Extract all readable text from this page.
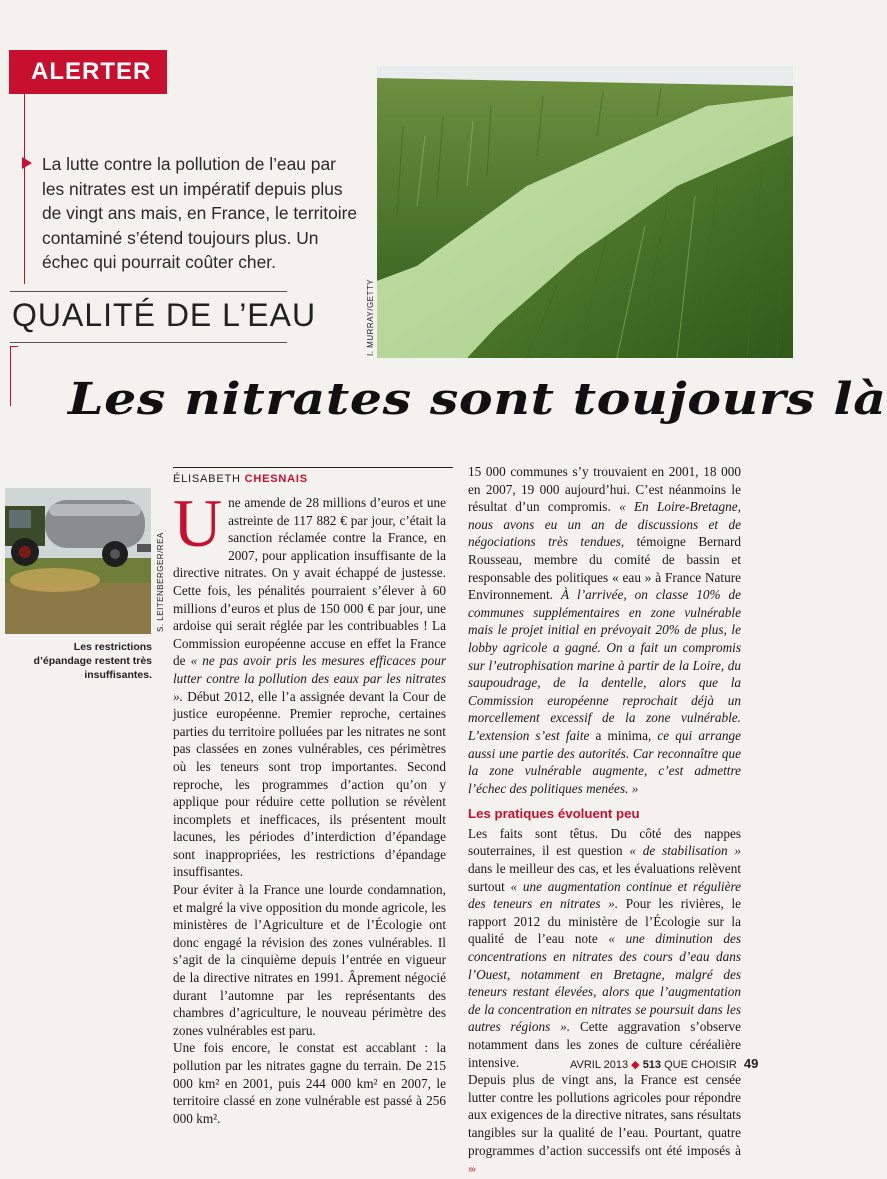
ALERTER
La lutte contre la pollution de l’eau par les nitrates est un impératif depuis plus de vingt ans mais, en France, le territoire contaminé s’étend toujours plus. Un échec qui pourrait coûter cher.
I. MURRAY/GETTY
QUALITÉ DE L’EAU
Les nitrates sont toujours là
ÉLISABETH CHESNAIS
S. LEITENBERGER/REA
Les restrictions d’épandage restent très insuffisantes.

Une amende de 28 millions d’euros et une astreinte de 117 882 € par jour, c’était la sanction réclamée contre la France, en 2007, pour application insuffisante de la directive nitrates. On y avait échappé de justesse. Cette fois, les pénalités pourraient s’élever à 60 millions d’euros et plus de 150 000 € par jour, une ardoise qui serait réglée par les contribuables ! La Commission européenne accuse en effet la France de « ne pas avoir pris les mesures efficaces pour lutter contre la pollution des eaux par les nitrates ». Début 2012, elle l’a assignée devant la Cour de justice européenne. Premier reproche, certaines parties du territoire polluées par les nitrates ne sont pas classées en zones vulnérables, ces périmètres où les teneurs sont trop importantes. Second reproche, les programmes d’action qu’on y applique pour réduire cette pollution se révèlent incomplets et inefficaces, ils présentent moult lacunes, les périodes d’interdiction d’épandage sont inappropriées, les restrictions d’épandage insuffisantes.

Pour éviter à la France une lourde condamnation, et malgré la vive opposition du monde agricole, les ministères de l’Agriculture et de l’Écologie ont donc engagé la révision des zones vulnérables. Il s’agit de la cinquième depuis l’entrée en vigueur de la directive nitrates en 1991. Âprement négocié durant l’automne par les représentants des chambres d’agriculture, le nouveau périmètre des zones vulnérables est paru.

Une fois encore, le constat est accablant : la pollution par les nitrates gagne du terrain. De 215 000 km² en 2001, puis 244 000 km² en 2007, le territoire classé en zone vulnérable est passé à 256 000 km².

15 000 communes s’y trouvaient en 2001, 18 000 en 2007, 19 000 aujourd’hui. C’est néanmoins le résultat d’un compromis. « En Loire-Bretagne, nous avons eu un an de discussions et de négociations très tendues, témoigne Bernard Rousseau, membre du comité de bassin et responsable des politiques « eau » à France Nature Environnement. À l’arrivée, on classe 10% de communes supplémentaires en zone vulnérable mais le projet initial en prévoyait 20% de plus, le lobby agricole a gagné. On a fait un compromis sur l’eutrophisation marine à partir de la Loire, du saupoudrage, de la dentelle, alors que la Commission européenne reprochait déjà un morcellement excessif de la zone vulnérable. L’extension s’est faite a minima, ce qui arrange aussi une partie des autorités. Car reconnaître que la zone vulnérable augmente, c’est admettre l’échec des politiques menées. »

Les pratiques évoluent peu

Les faits sont têtus. Du côté des nappes souterraines, il est question « de stabilisation » dans le meilleur des cas, et les évaluations relèvent surtout « une augmentation continue et régulière des teneurs en nitrates ». Pour les rivières, le rapport 2012 du ministère de l’Écologie sur la qualité de l’eau note « une diminution des concentrations en nitrates des cours d’eau dans l’Ouest, notamment en Bretagne, malgré des teneurs restant élevées, alors que l’augmentation de la concentration en nitrates se poursuit dans les autres régions ». Cette aggravation s’observe notamment dans les zones de culture céréalière intensive.

Depuis plus de vingt ans, la France est censée lutter contre les pollutions agricoles pour répondre aux exigences de la directive nitrates, sans résultats tangibles sur la qualité de l’eau. Pourtant, quatre programmes d’action successifs ont été imposés à ›››

AVRIL 2013 ◆ 513 QUE CHOISIR 49
